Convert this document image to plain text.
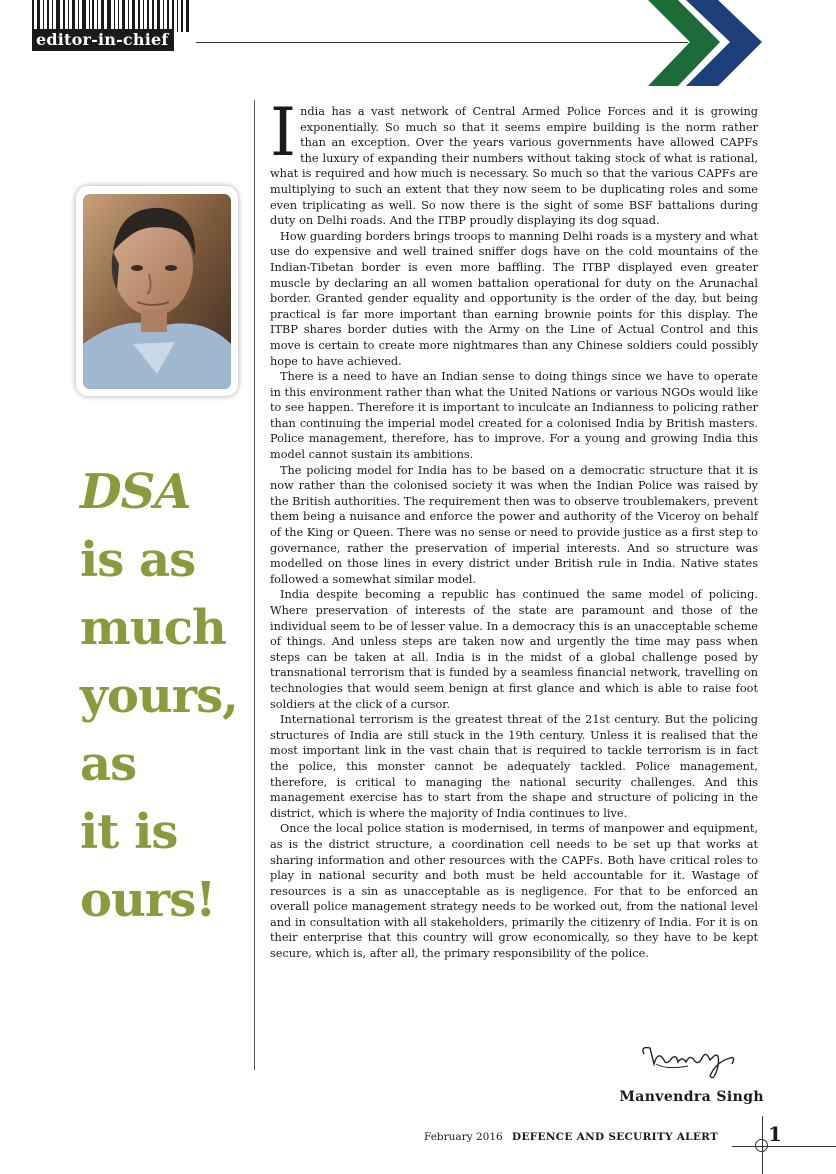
editor-in-chief
DSA
is as
much
yours,
as
it is
ours!

India has a vast network of Central Armed Police Forces and it is growing exponentially. So much so that it seems empire building is the norm rather than an exception. Over the years various governments have allowed CAPFs the luxury of expanding their numbers without taking stock of what is rational, what is required and how much is necessary. So much so that the various CAPFs are multiplying to such an extent that they now seem to be duplicating roles and some even triplicating as well. So now there is the sight of some BSF battalions during duty on Delhi roads. And the ITBP proudly displaying its dog squad.

How guarding borders brings troops to manning Delhi roads is a mystery and what use do expensive and well trained sniffer dogs have on the cold mountains of the Indian-Tibetan border is even more baffling. The ITBP displayed even greater muscle by declaring an all women battalion operational for duty on the Arunachal border. Granted gender equality and opportunity is the order of the day, but being practical is far more important than earning brownie points for this display. The ITBP shares border duties with the Army on the Line of Actual Control and this move is certain to create more nightmares than any Chinese soldiers could possibly hope to have achieved.

There is a need to have an Indian sense to doing things since we have to operate in this environment rather than what the United Nations or various NGOs would like to see happen. Therefore it is important to inculcate an Indianness to policing rather than continuing the imperial model created for a colonised India by British masters. Police management, therefore, has to improve. For a young and growing India this model cannot sustain its ambitions.

The policing model for India has to be based on a democratic structure that it is now rather than the colonised society it was when the Indian Police was raised by the British authorities. The requirement then was to observe troublemakers, prevent them being a nuisance and enforce the power and authority of the Viceroy on behalf of the King or Queen. There was no sense or need to provide justice as a first step to governance, rather the preservation of imperial interests. And so structure was modelled on those lines in every district under British rule in India. Native states followed a somewhat similar model.

India despite becoming a republic has continued the same model of policing. Where preservation of interests of the state are paramount and those of the individual seem to be of lesser value. In a democracy this is an unacceptable scheme of things. And unless steps are taken now and urgently the time may pass when steps can be taken at all. India is in the midst of a global challenge posed by transnational terrorism that is funded by a seamless financial network, travelling on technologies that would seem benign at first glance and which is able to raise foot soldiers at the click of a cursor.

International terrorism is the greatest threat of the 21st century. But the policing structures of India are still stuck in the 19th century. Unless it is realised that the most important link in the vast chain that is required to tackle terrorism is in fact the police, this monster cannot be adequately tackled. Police management, therefore, is critical to managing the national security challenges. And this management exercise has to start from the shape and structure of policing in the district, which is where the majority of India continues to live.

Once the local police station is modernised, in terms of manpower and equipment, as is the district structure, a coordination cell needs to be set up that works at sharing information and other resources with the CAPFs. Both have critical roles to play in national security and both must be held accountable for it. Wastage of resources is a sin as unacceptable as is negligence. For that to be enforced an overall police management strategy needs to be worked out, from the national level and in consultation with all stakeholders, primarily the citizenry of India. For it is on their enterprise that this country will grow economically, so they have to be kept secure, which is, after all, the primary responsibility of the police.

Manvendra Singh
February 2016 DEFENCE AND SECURITY ALERT 1
